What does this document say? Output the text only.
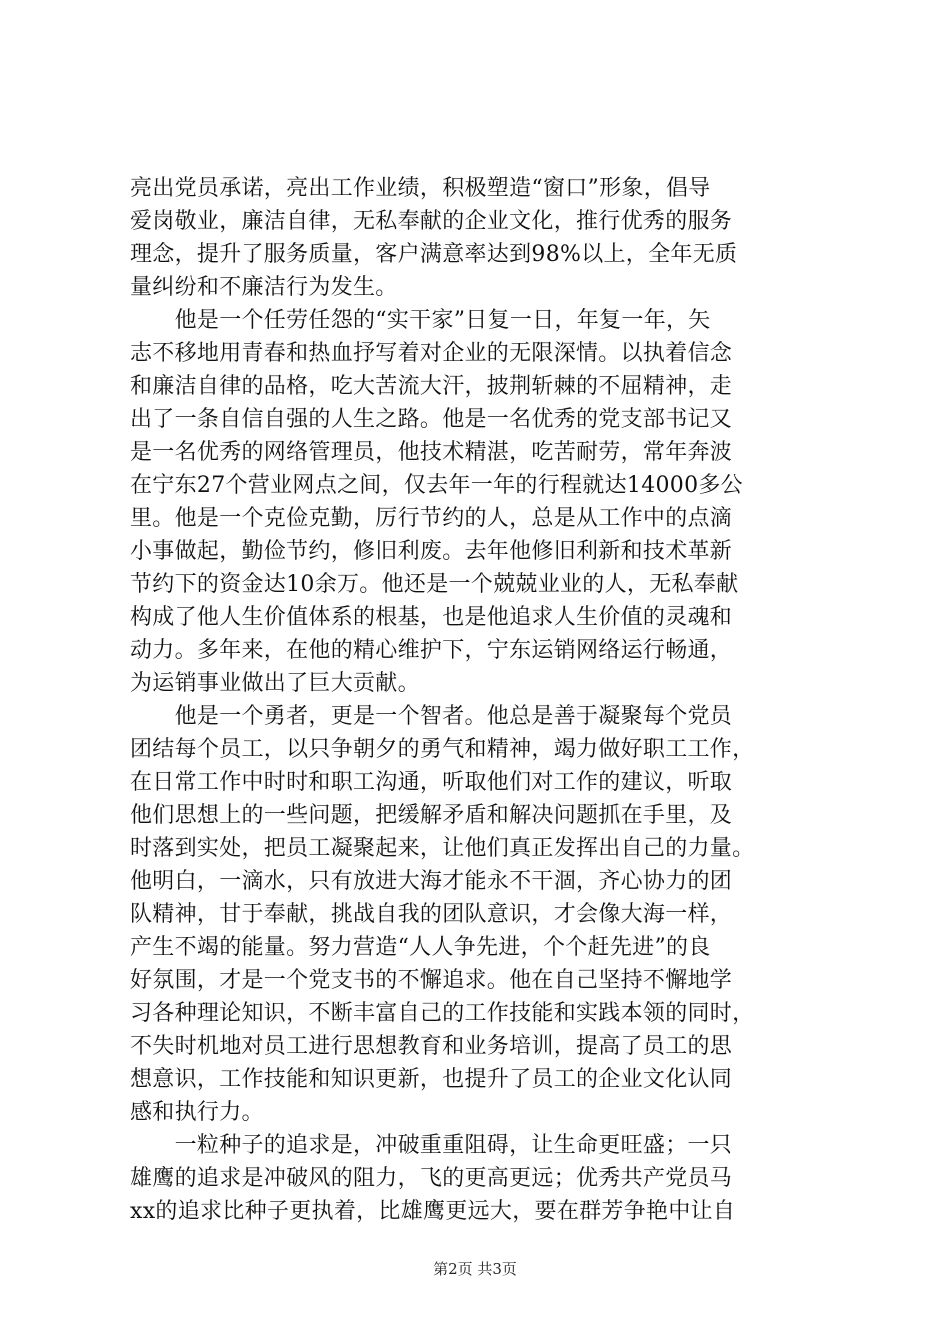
亮出党员承诺，亮出工作业绩，积极塑造“窗口”形象，倡导
爱岗敬业，廉洁自律，无私奉献的企业文化，推行优秀的服务
理念，提升了服务质量，客户满意率达到98%以上，全年无质
量纠纷和不廉洁行为发生。
　　他是一个任劳任怨的“实干家”日复一日，年复一年，矢
志不移地用青春和热血抒写着对企业的无限深情。以执着信念
和廉洁自律的品格，吃大苦流大汗，披荆斩棘的不屈精神，走
出了一条自信自强的人生之路。他是一名优秀的党支部书记又
是一名优秀的网络管理员，他技术精湛，吃苦耐劳，常年奔波
在宁东27个营业网点之间，仅去年一年的行程就达14000多公
里。他是一个克俭克勤，厉行节约的人，总是从工作中的点滴
小事做起，勤俭节约，修旧利废。去年他修旧利新和技术革新
节约下的资金达10余万。他还是一个兢兢业业的人，无私奉献
构成了他人生价值体系的根基，也是他追求人生价值的灵魂和
动力。多年来，在他的精心维护下，宁东运销网络运行畅通，
为运销事业做出了巨大贡献。
　　他是一个勇者，更是一个智者。他总是善于凝聚每个党员
团结每个员工，以只争朝夕的勇气和精神，竭力做好职工工作，
在日常工作中时时和职工沟通，听取他们对工作的建议，听取
他们思想上的一些问题，把缓解矛盾和解决问题抓在手里，及
时落到实处，把员工凝聚起来，让他们真正发挥出自己的力量。
他明白，一滴水，只有放进大海才能永不干涸，齐心协力的团
队精神，甘于奉献，挑战自我的团队意识，才会像大海一样，
产生不竭的能量。努力营造“人人争先进，个个赶先进”的良
好氛围，才是一个党支书的不懈追求。他在自己坚持不懈地学
习各种理论知识，不断丰富自己的工作技能和实践本领的同时，
不失时机地对员工进行思想教育和业务培训，提高了员工的思
想意识，工作技能和知识更新，也提升了员工的企业文化认同
感和执行力。
　　一粒种子的追求是，冲破重重阻碍，让生命更旺盛；一只
雄鹰的追求是冲破风的阻力，飞的更高更远；优秀共产党员马
xx的追求比种子更执着，比雄鹰更远大，要在群芳争艳中让自
第2页 共3页
